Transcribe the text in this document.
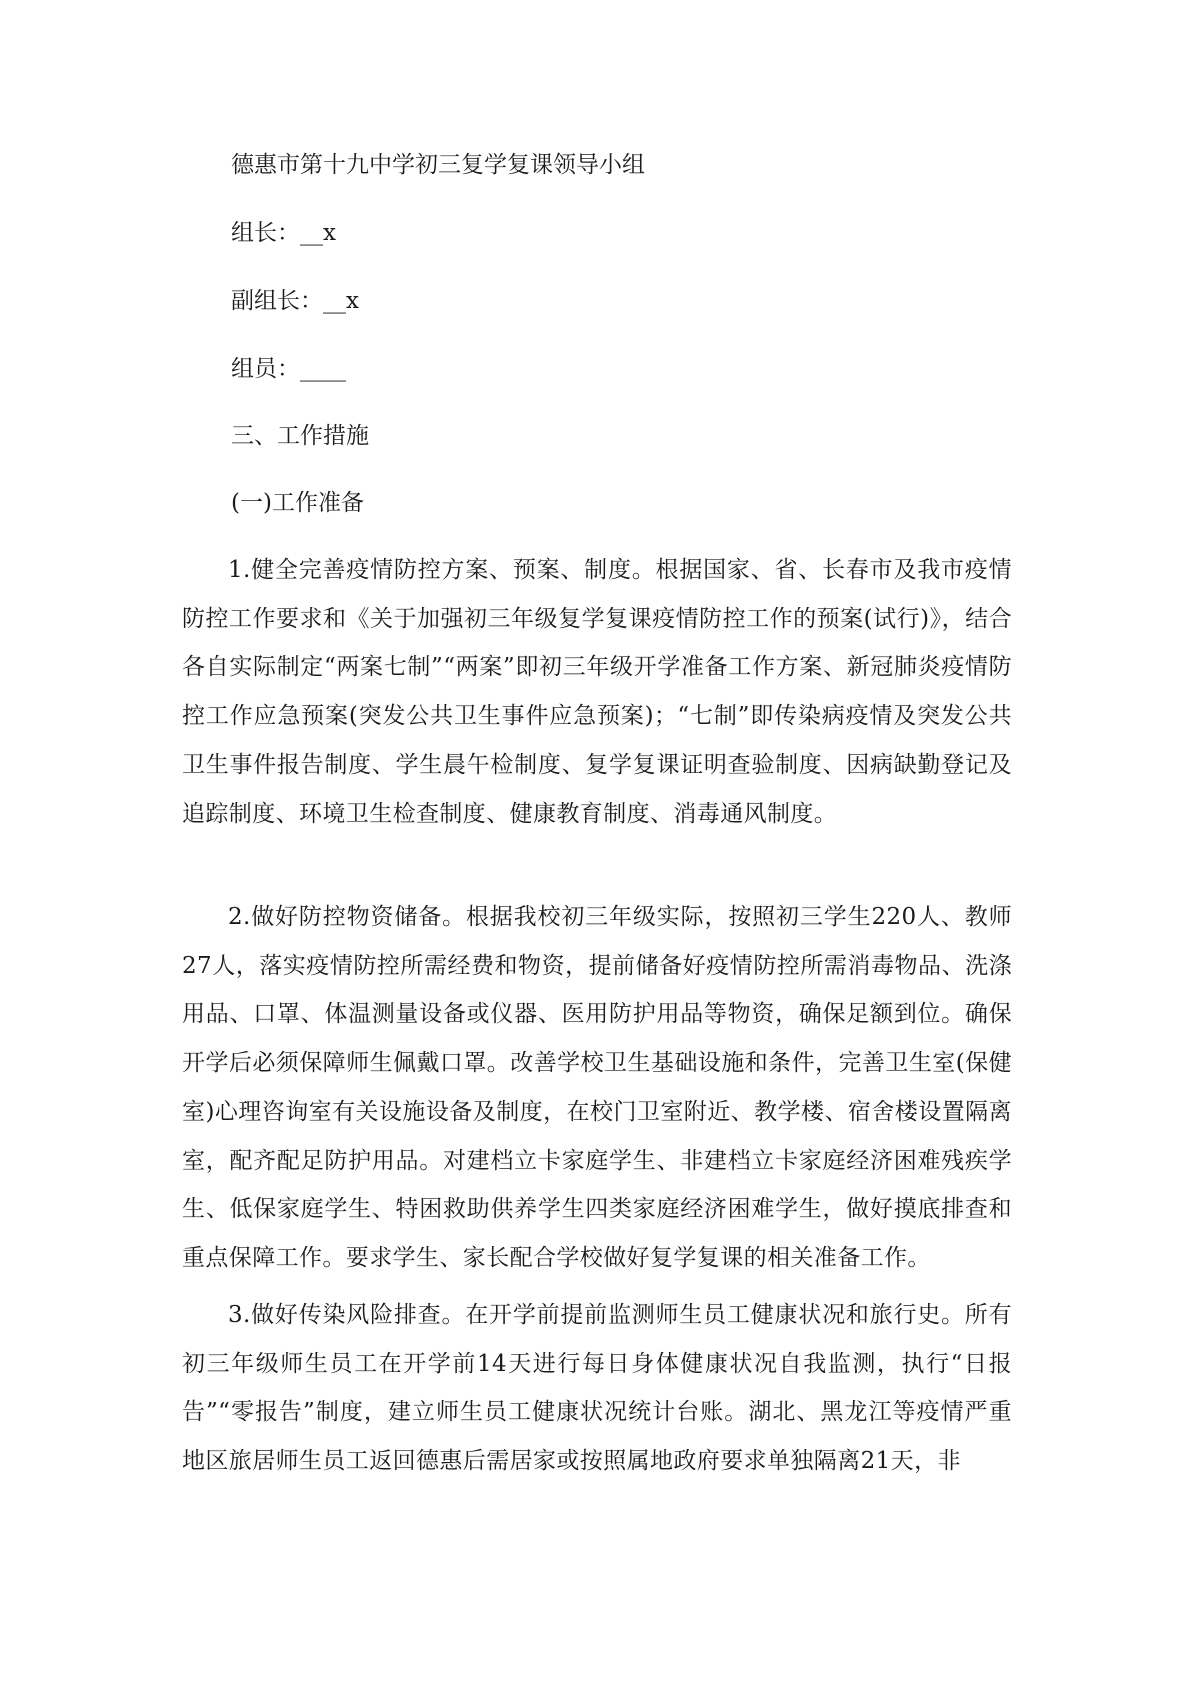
德惠市第十九中学初三复学复课领导小组
组长：__x
副组长：__x
组员：____
三、工作措施
(一)工作准备

1.健全完善疫情防控方案、预案、制度。根据国家、省、长春市及我市疫情防控工作要求和《关于加强初三年级复学复课疫情防控工作的预案(试行)》，结合各自实际制定“两案七制”“两案”即初三年级开学准备工作方案、新冠肺炎疫情防控工作应急预案(突发公共卫生事件应急预案)；“七制”即传染病疫情及突发公共卫生事件报告制度、学生晨午检制度、复学复课证明查验制度、因病缺勤登记及追踪制度、环境卫生检查制度、健康教育制度、消毒通风制度。

2.做好防控物资储备。根据我校初三年级实际，按照初三学生220人、教师27人，落实疫情防控所需经费和物资，提前储备好疫情防控所需消毒物品、洗涤用品、口罩、体温测量设备或仪器、医用防护用品等物资，确保足额到位。确保开学后必须保障师生佩戴口罩。改善学校卫生基础设施和条件，完善卫生室(保健室)心理咨询室有关设施设备及制度，在校门卫室附近、教学楼、宿舍楼设置隔离室，配齐配足防护用品。对建档立卡家庭学生、非建档立卡家庭经济困难残疾学生、低保家庭学生、特困救助供养学生四类家庭经济困难学生，做好摸底排查和重点保障工作。要求学生、家长配合学校做好复学复课的相关准备工作。

3.做好传染风险排查。在开学前提前监测师生员工健康状况和旅行史。所有初三年级师生员工在开学前14天进行每日身体健康状况自我监测，执行“日报告”“零报告”制度，建立师生员工健康状况统计台账。湖北、黑龙江等疫情严重地区旅居师生员工返回德惠后需居家或按照属地政府要求单独隔离21天，非
